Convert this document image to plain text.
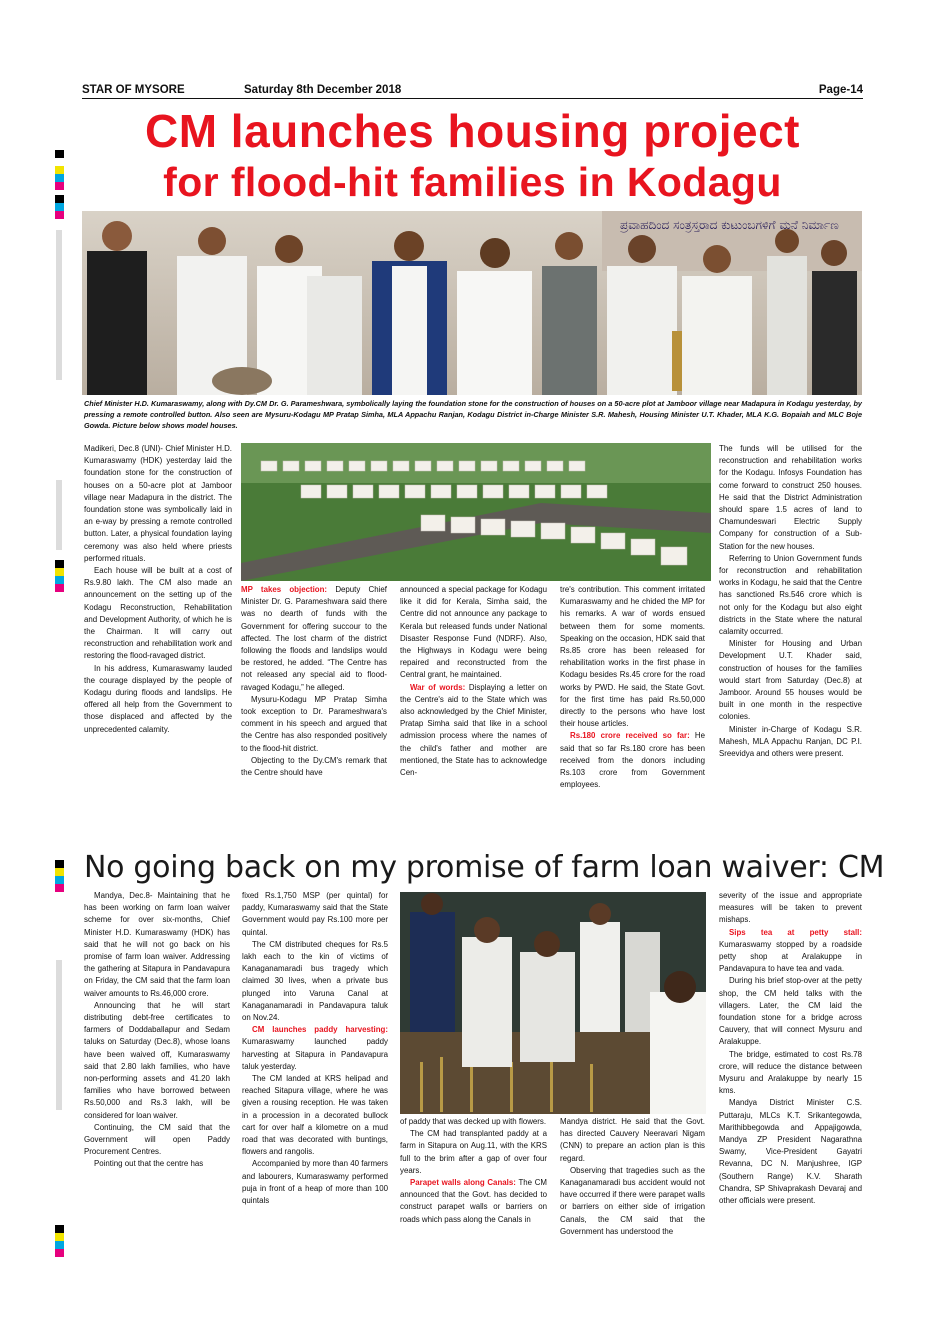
STAR OF MYSORE	Saturday 8th December 2018	Page-14
CM launches housing project
for flood-hit families in Kodagu
ಪ್ರವಾಹದಿಂದ ಸಂತ್ರಸ್ತರಾದ ಕುಟುಂಬಗಳಿಗೆ ಮನೆ ನಿರ್ಮಾಣ
Chief Minister H.D. Kumaraswamy, along with Dy.CM Dr. G. Parameshwara, symbolically laying the foundation stone for the construction of houses on a 50-acre plot at Jamboor village near Madapura in Kodagu yesterday, by pressing a remote controlled button. Also seen are Mysuru-Kodagu MP Pratap Simha, MLA Appachu Ranjan, Kodagu District in-Charge Minister S.R. Mahesh, Housing Minister U.T. Khader, MLA K.G. Bopaiah and MLC Boje Gowda. Picture below shows model houses.

Madikeri, Dec.8 (UNI)- Chief Minister H.D. Kumaraswamy (HDK) yesterday laid the foundation stone for the construction of houses on a 50-acre plot at Jamboor village near Madapura in the district. The foundation stone was symbolically laid in an e-way by pressing a remote controlled button. Later, a physical foundation laying ceremony was also held where priests performed rituals.

Each house will be built at a cost of Rs.9.80 lakh. The CM also made an announcement on the setting up of the Kodagu Reconstruction, Rehabilitation and Development Authority, of which he is the Chairman. It will carry out reconstruction and rehabilitation work and restoring the flood-ravaged district.

In his address, Kumaraswamy lauded the courage displayed by the people of Kodagu during floods and landslips. He offered all help from the Government to those displaced and affected by the unprecedented calamity.

MP takes objection: Deputy Chief Minister Dr. G. Parameshwara said there was no dearth of funds with the Government for offering succour to the affected. The lost charm of the district following the floods and landslips would be restored, he added. “The Centre has not released any special aid to flood-ravaged Kodagu,” he alleged.

Mysuru-Kodagu MP Pratap Simha took exception to Dr. Parameshwara's comment in his speech and argued that the Centre has also responded positively to the flood-hit district.

Objecting to the Dy.CM's remark that the Centre should have

announced a special package for Kodagu like it did for Kerala, Simha said, the Centre did not announce any package to Kerala but released funds under National Disaster Response Fund (NDRF). Also, the Highways in Kodagu were being repaired and reconstructed from the Central grant, he maintained.

War of words: Displaying a letter on the Centre's aid to the State which was also acknowledged by the Chief Minister, Pratap Simha said that like in a school admission process where the names of the child's father and mother are mentioned, the State has to acknowledge Cen-

tre's contribution. This comment irritated Kumaraswamy and he chided the MP for his remarks. A war of words ensued between them for some moments. Speaking on the occasion, HDK said that Rs.85 crore has been released for rehabilitation works in the first phase in Kodagu besides Rs.45 crore for the road works by PWD. He said, the State Govt. for the first time has paid Rs.50,000 directly to the persons who have lost their house articles.

Rs.180 crore received so far: He said that so far Rs.180 crore has been received from the donors including Rs.103 crore from Government employees.

The funds will be utilised for the reconstruction and rehabilitation works for the Kodagu. Infosys Foundation has come forward to construct 250 houses. He said that the District Administration should spare 1.5 acres of land to Chamundeswari Electric Supply Company for construction of a Sub-Station for the new houses.

Referring to Union Government funds for reconstruction and rehabilitation works in Kodagu, he said that the Centre has sanctioned Rs.546 crore which is not only for the Kodagu but also eight districts in the State where the natural calamity occurred.

Minister for Housing and Urban Development U.T. Khader said, construction of houses for the families would start from Saturday (Dec.8) at Jamboor. Around 55 houses would be built in one month in the respective colonies.

Minister in-Charge of Kodagu S.R. Mahesh, MLA Appachu Ranjan, DC P.I. Sreevidya and others were present.

No going back on my promise of farm loan waiver: CM

Mandya, Dec.8- Maintaining that he has been working on farm loan waiver scheme for over six-months, Chief Minister H.D. Kumaraswamy (HDK) has said that he will not go back on his promise of farm loan waiver. Addressing the gathering at Sitapura in Pandavapura on Friday, the CM said that the farm loan waiver amounts to Rs.46,000 crore.

Announcing that he will start distributing debt-free certificates to farmers of Doddaballapur and Sedam taluks on Saturday (Dec.8), whose loans have been waived off, Kumaraswamy said that 2.80 lakh families, who have non-performing assets and 41.20 lakh families who have borrowed between Rs.50,000 and Rs.3 lakh, will be considered for loan waiver.

Continuing, the CM said that the Government will open Paddy Procurement Centres.

Pointing out that the centre has

fixed Rs.1,750 MSP (per quintal) for paddy, Kumaraswamy said that the State Government would pay Rs.100 more per quintal.

The CM distributed cheques for Rs.5 lakh each to the kin of victims of Kanaganamaradi bus tragedy which claimed 30 lives, when a private bus plunged into Varuna Canal at Kanaganamaradi in Pandavapura taluk on Nov.24.

CM launches paddy harvesting: Kumaraswamy launched paddy harvesting at Sitapura in Pandavapura taluk yesterday.

The CM landed at KRS helipad and reached Sitapura village, where he was given a rousing reception. He was taken in a procession in a decorated bullock cart for over half a kilometre on a mud road that was decorated with buntings, flowers and rangolis.

Accompanied by more than 40 farmers and labourers, Kumaraswamy performed puja in front of a heap of more than 100 quintals

of paddy that was decked up with flowers.

The CM had transplanted paddy at a farm in Sitapura on Aug.11, with the KRS full to the brim after a gap of over four years.

Parapet walls along Canals: The CM announced that the Govt. has decided to construct parapet walls or barriers on roads which pass along the Canals in

Mandya district. He said that the Govt. has directed Cauvery Neeravari Nigam (CNN) to prepare an action plan is this regard.

Observing that tragedies such as the Kanaganamaradi bus accident would not have occurred if there were parapet walls or barriers on either side of irrigation Canals, the CM said that the Government has understood the

severity of the issue and appropriate measures will be taken to prevent mishaps.

Sips tea at petty stall: Kumaraswamy stopped by a roadside petty shop at Aralakuppe in Pandavapura to have tea and vada.

During his brief stop-over at the petty shop, the CM held talks with the villagers. Later, the CM laid the foundation stone for a bridge across Cauvery, that will connect Mysuru and Aralakuppe.

The bridge, estimated to cost Rs.78 crore, will reduce the distance between Mysuru and Aralakuppe by nearly 15 kms.

Mandya District Minister C.S. Puttaraju, MLCs K.T. Srikantegowda, Marithibbegowda and Appajigowda, Mandya ZP President Nagarathna Swamy, Vice-President Gayatri Revanna, DC N. Manjushree, IGP (Southern Range) K.V. Sharath Chandra, SP Shivaprakash Devaraj and other officials were present.
